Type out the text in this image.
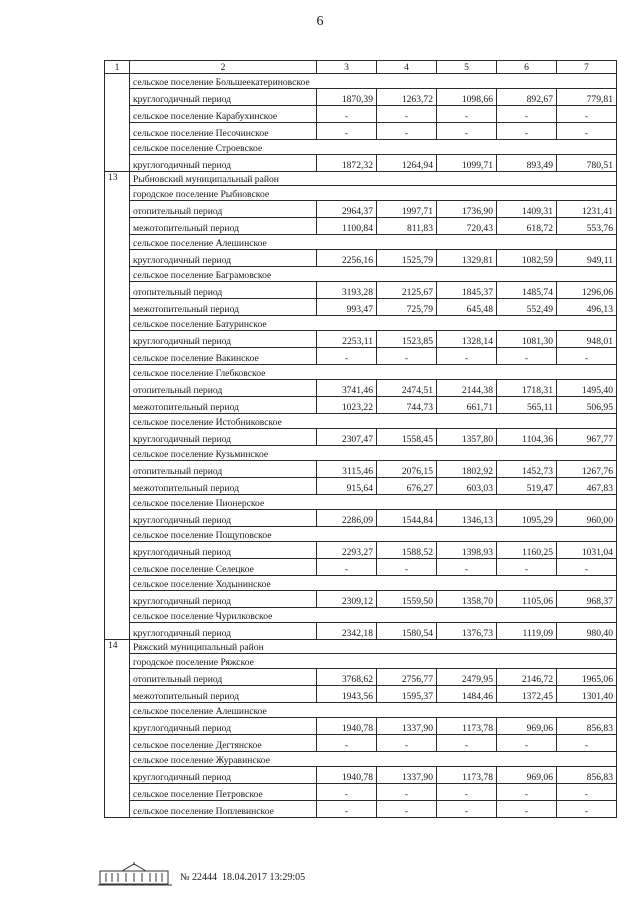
6
1	2	3	4	5	6	7
	сельское поселение Большеекатериновское					
	круглогодичный период	1870,39	1263,72	1098,66	892,67	779,81
	сельское поселение Карабухинское	-	-	-	-	-
	сельское поселение Песочинское	-	-	-	-	-
	сельское поселение Строевское					
	круглогодичный период	1872,32	1264,94	1099,71	893,49	780,51
13	Рыбновский муниципальный район					
	городское поселение Рыбновское					
	отопительный период	2964,37	1997,71	1736,90	1409,31	1231,41
	межотопительный период	1100,84	811,83	720,43	618,72	553,76
	сельское поселение Алешинское					
	круглогодичный период	2256,16	1525,79	1329,81	1082,59	949,11
	сельское поселение Баграмовское					
	отопительный период	3193,28	2125,67	1845,37	1485,74	1296,06
	межотопительный период	993,47	725,79	645,48	552,49	496,13
	сельское поселение Батуринское					
	круглогодичный период	2253,11	1523,85	1328,14	1081,30	948,01
	сельское поселение Вакинское	-	-	-	-	-
	сельское поселение Глебковское					
	отопительный период	3741,46	2474,51	2144,38	1718,31	1495,40
	межотопительный период	1023,22	744,73	661,71	565,11	506,95
	сельское поселение Истобниковское					
	круглогодичный период	2307,47	1558,45	1357,80	1104,36	967,77
	сельское поселение Кузьминское					
	отопительный период	3115,46	2076,15	1802,92	1452,73	1267,76
	межотопительный период	915,64	676,27	603,03	519,47	467,83
	сельское поселение Пионерское					
	круглогодичный период	2286,09	1544,84	1346,13	1095,29	960,00
	сельское поселение Пощуповское					
	круглогодичный период	2293,27	1588,52	1398,93	1160,25	1031,04
	сельское поселение Селецкое	-	-	-	-	-
	сельское поселение Ходынинское					
	круглогодичный период	2309,12	1559,50	1358,70	1105,06	968,37
	сельское поселение Чурилковское					
	круглогодичный период	2342,18	1580,54	1376,73	1119,09	980,40
14	Ряжский муниципальный район					
	городское поселение Ряжское					
	отопительный период	3768,62	2756,77	2479,95	2146,72	1965,06
	межотопительный период	1943,56	1595,37	1484,46	1372,45	1301,40
	сельское поселение Алешинское					
	круглогодичный период	1940,78	1337,90	1173,78	969,06	856,83
	сельское поселение Дегтянское	-	-	-	-	-
	сельское поселение Журавинское					
	круглогодичный период	1940,78	1337,90	1173,78	969,06	856,83
	сельское поселение Петровское	-	-	-	-	-
	сельское поселение Поплевинское	-	-	-	-	-
№ 22444 18.04.2017 13:29:05
